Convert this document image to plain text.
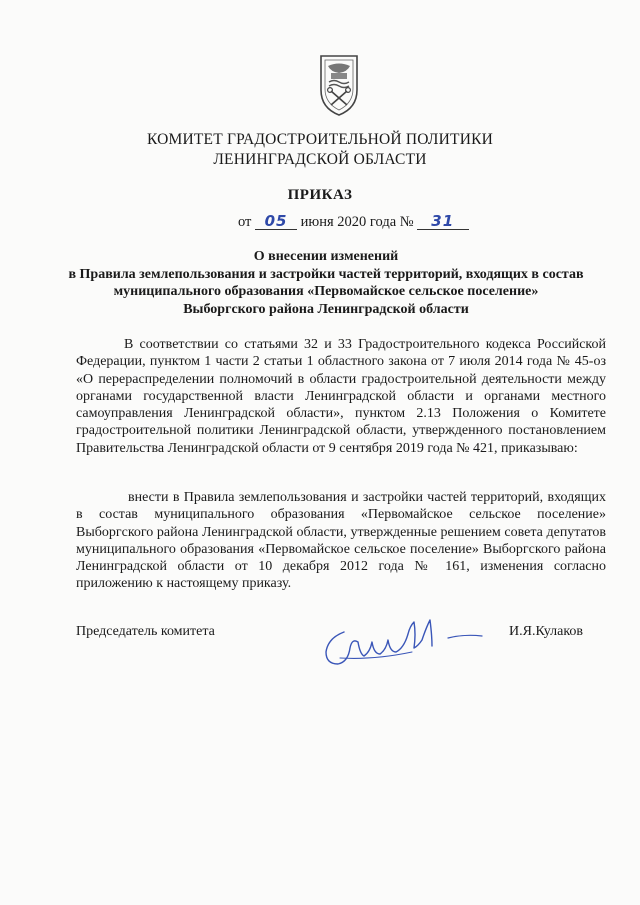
КОМИТЕТ ГРАДОСТРОИТЕЛЬНОЙ ПОЛИТИКИ
ЛЕНИНГРАДСКОЙ ОБЛАСТИ
ПРИКАЗ
от 05 июня 2020 года № 31
О внесении изменений
в Правила землепользования и застройки частей территорий, входящих в состав
муниципального образования «Первомайское сельское поселение»
Выборгского района Ленинградской области
В соответствии со статьями 32 и 33 Градостроительного кодекса Российской Федерации, пунктом 1 части 2 статьи 1 областного закона от 7 июля 2014 года № 45-оз «О перераспределении полномочий в области градостроительной деятельности между органами государственной власти Ленинградской области и органами местного самоуправления Ленинградской области», пунктом 2.13 Положения о Комитете градостроительной политики Ленинградской области, утвержденного постановлением Правительства Ленинградской области от 9 сентября 2019 года № 421, приказываю:
внести в Правила землепользования и застройки частей территорий, входящих в состав муниципального образования «Первомайское сельское поселение» Выборгского района Ленинградской области, утвержденные решением совета депутатов муниципального образования «Первомайское сельское поселение» Выборгского района Ленинградской области от 10 декабря 2012 года № 161, изменения согласно приложению к настоящему приказу.
Председатель комитета	И.Я.Кулаков
